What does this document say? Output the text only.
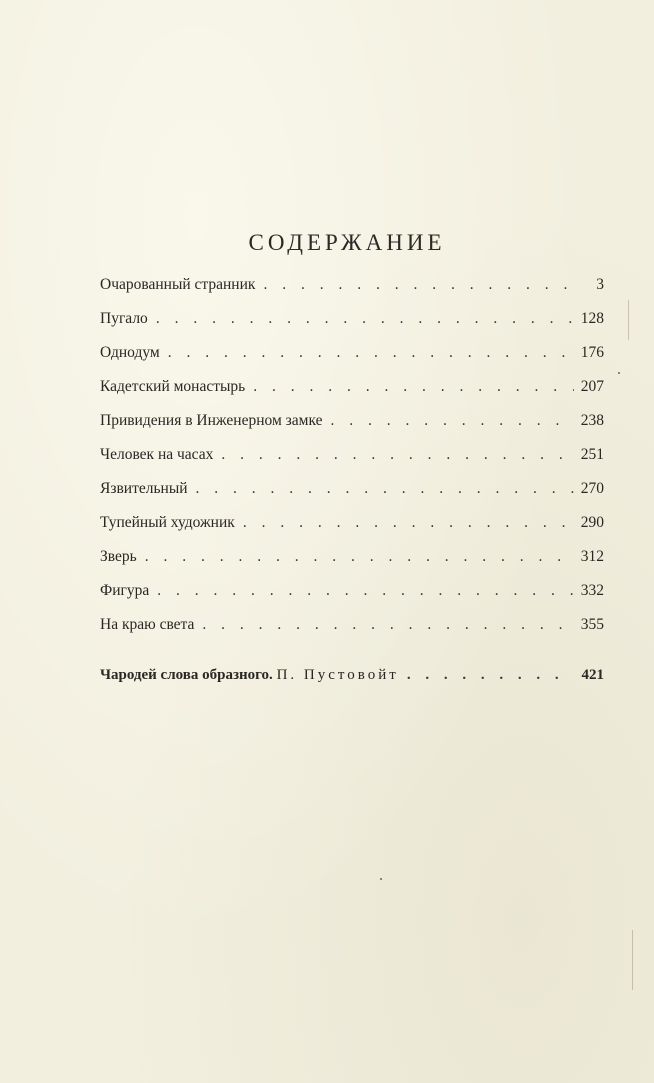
СОДЕРЖАНИЕ
Очарованный странник . . .	3
Пугало . . .	128
Однодум . . .	176
Кадетский монастырь . . .	207
Привидения в Инженерном замке . . .	238
Человек на часах . . .	251
Язвительный . . .	270
Тупейный художник . . .	290
Зверь . . .	312
Фигура . . .	332
На краю света . . .	355
Чародей слова образного. П. Пустовойт . . .	421
